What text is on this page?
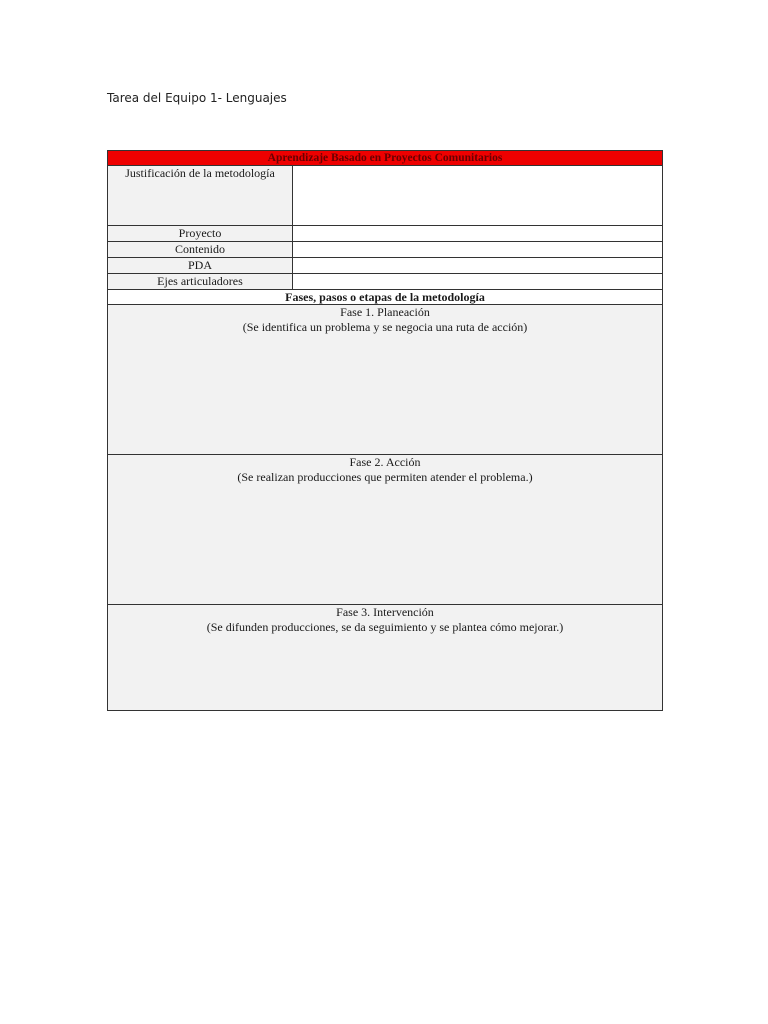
Tarea del Equipo 1- Lenguajes
Aprendizaje Basado en Proyectos Comunitarios	
Justificación de la metodología	
Proyecto	
Contenido	
PDA	
Ejes articuladores	
Fases, pasos o etapas de la metodología	

Fase 1. Planeación
(Se identifica un problema y se negocia una ruta de acción)	

Fase 2. Acción
(Se realizan producciones que permiten atender el problema.)	

Fase 3. Intervención
(Se difunden producciones, se da seguimiento y se plantea cómo mejorar.)	
